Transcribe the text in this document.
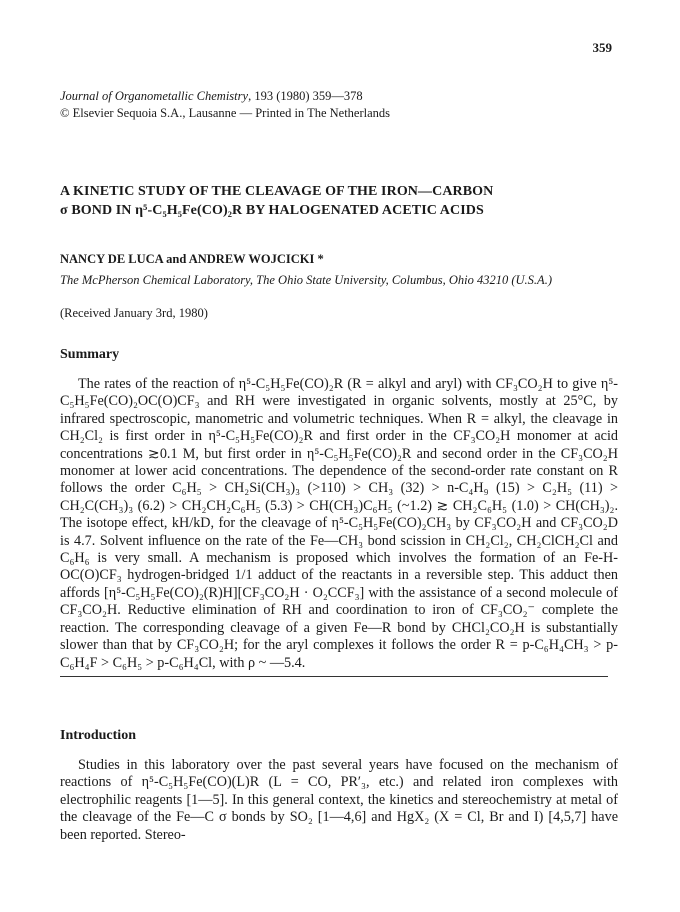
359
Journal of Organometallic Chemistry, 193 (1980) 359—378
© Elsevier Sequoia S.A., Lausanne — Printed in The Netherlands
A KINETIC STUDY OF THE CLEAVAGE OF THE IRON—CARBON
σ BOND IN η⁵-C₅H₅Fe(CO)₂R BY HALOGENATED ACETIC ACIDS
NANCY DE LUCA and ANDREW WOJCICKI *
The McPherson Chemical Laboratory, The Ohio State University, Columbus, Ohio 43210 (U.S.A.)
(Received January 3rd, 1980)
Summary

The rates of the reaction of η⁵-C₅H₅Fe(CO)₂R (R = alkyl and aryl) with CF₃CO₂H to give η⁵-C₅H₅Fe(CO)₂OC(O)CF₃ and RH were investigated in organic solvents, mostly at 25°C, by infrared spectroscopic, manometric and volumetric techniques. When R = alkyl, the cleavage in CH₂Cl₂ is first order in η⁵-C₅H₅Fe(CO)₂R and first order in the CF₃CO₂H monomer at acid concentrations ≳0.1 M, but first order in η⁵-C₅H₅Fe(CO)₂R and second order in the CF₃CO₂H monomer at lower acid concentrations. The dependence of the second-order rate constant on R follows the order C₆H₅ > CH₂Si(CH₃)₃ (>110) > CH₃ (32) > n-C₄H₉ (15) > C₂H₅ (11) > CH₂C(CH₃)₃ (6.2) > CH₂CH₂C₆H₅ (5.3) > CH(CH₃)C₆H₅ (~1.2) ≳ CH₂C₆H₅ (1.0) > CH(CH₃)₂. The isotope effect, kH/kD, for the cleavage of η⁵-C₅H₅Fe(CO)₂CH₃ by CF₃CO₂H and CF₃CO₂D is 4.7. Solvent influence on the rate of the Fe—CH₃ bond scission in CH₂Cl₂, CH₂ClCH₂Cl and C₆H₆ is very small. A mechanism is proposed which involves the formation of an Fe-H-OC(O)CF₃ hydrogen-bridged 1/1 adduct of the reactants in a reversible step. This adduct then affords [η⁵-C₅H₅Fe(CO)₂(R)H][CF₃CO₂H · O₂CCF₃] with the assistance of a second molecule of CF₃CO₂H. Reductive elimination of RH and coordination to iron of CF₃CO₂⁻ complete the reaction. The corresponding cleavage of a given Fe—R bond by CHCl₂CO₂H is substantially slower than that by CF₃CO₂H; for the aryl complexes it follows the order R = p-C₆H₄CH₃ > p-C₆H₄F > C₆H₅ > p-C₆H₄Cl, with ρ ~ —5.4.

Introduction

Studies in this laboratory over the past several years have focused on the mechanism of reactions of η⁵-C₅H₅Fe(CO)(L)R (L = CO, PR′₃, etc.) and related iron complexes with electrophilic reagents [1—5]. In this general context, the kinetics and stereochemistry at metal of the cleavage of the Fe—C σ bonds by SO₂ [1—4,6] and HgX₂ (X = Cl, Br and I) [4,5,7] have been reported. Stereo-
